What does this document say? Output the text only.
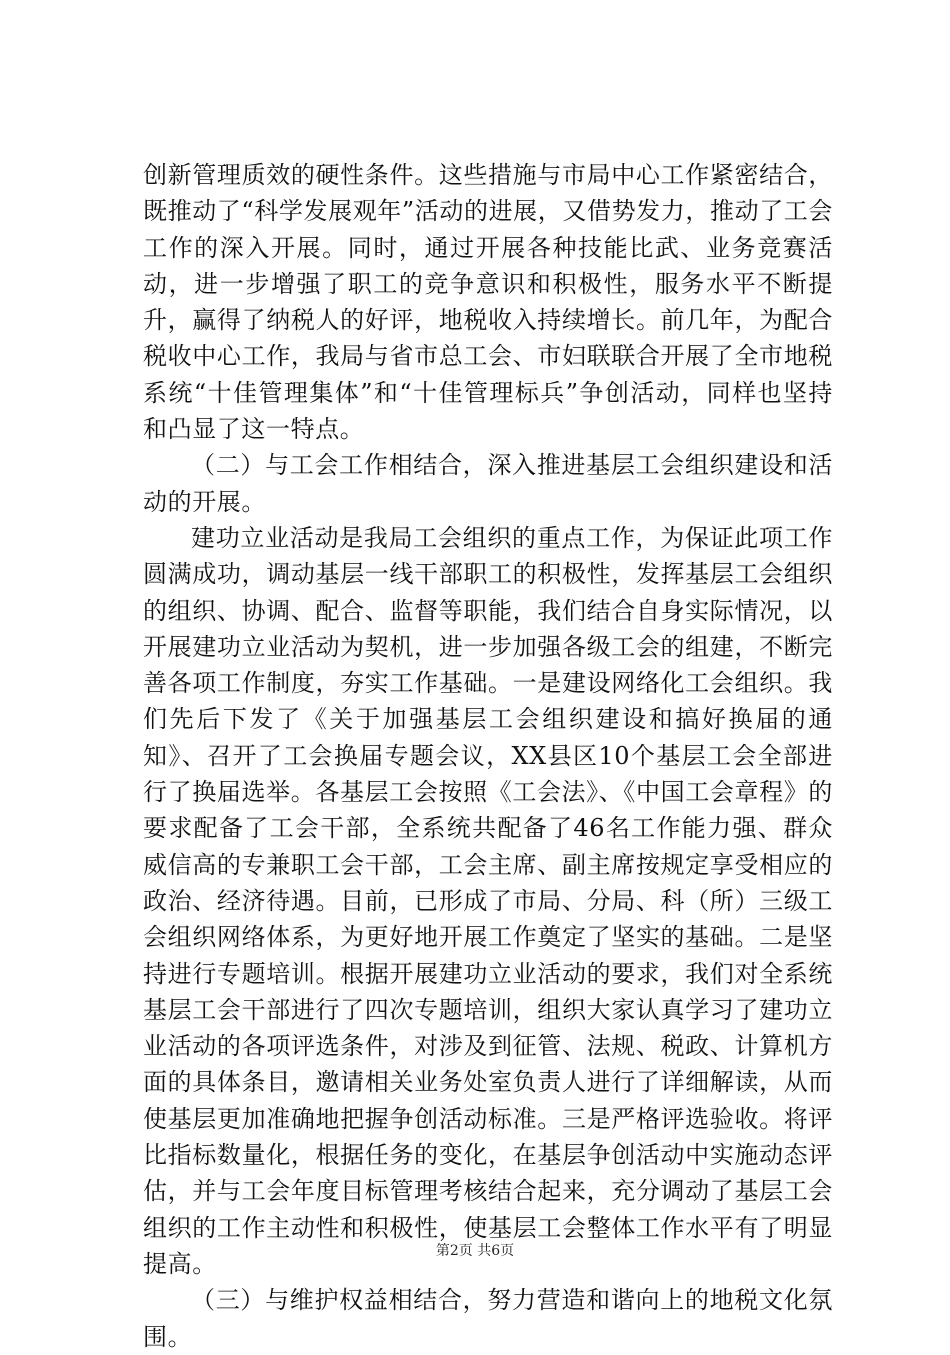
创新管理质效的硬性条件。这些措施与市局中心工作紧密结合，既推动了“科学发展观年”活动的进展，又借势发力，推动了工会工作的深入开展。同时，通过开展各种技能比武、业务竞赛活动，进一步增强了职工的竞争意识和积极性，服务水平不断提升，赢得了纳税人的好评，地税收入持续增长。前几年，为配合税收中心工作，我局与省市总工会、市妇联联合开展了全市地税系统“十佳管理集体”和“十佳管理标兵”争创活动，同样也坚持和凸显了这一特点。

（二）与工会工作相结合，深入推进基层工会组织建设和活动的开展。

建功立业活动是我局工会组织的重点工作，为保证此项工作圆满成功，调动基层一线干部职工的积极性，发挥基层工会组织的组织、协调、配合、监督等职能，我们结合自身实际情况，以开展建功立业活动为契机，进一步加强各级工会的组建，不断完善各项工作制度，夯实工作基础。一是建设网络化工会组织。我们先后下发了《关于加强基层工会组织建设和搞好换届的通知》、召开了工会换届专题会议，XX县区10个基层工会全部进行了换届选举。各基层工会按照《工会法》、《中国工会章程》的要求配备了工会干部，全系统共配备了46名工作能力强、群众威信高的专兼职工会干部，工会主席、副主席按规定享受相应的政治、经济待遇。目前，已形成了市局、分局、科（所）三级工会组织网络体系，为更好地开展工作奠定了坚实的基础。二是坚持进行专题培训。根据开展建功立业活动的要求，我们对全系统基层工会干部进行了四次专题培训，组织大家认真学习了建功立业活动的各项评选条件，对涉及到征管、法规、税政、计算机方面的具体条目，邀请相关业务处室负责人进行了详细解读，从而使基层更加准确地把握争创活动标准。三是严格评选验收。将评比指标数量化，根据任务的变化，在基层争创活动中实施动态评估，并与工会年度目标管理考核结合起来，充分调动了基层工会组织的工作主动性和积极性，使基层工会整体工作水平有了明显提高。

（三）与维护权益相结合，努力营造和谐向上的地税文化氛围。

第2页 共6页
